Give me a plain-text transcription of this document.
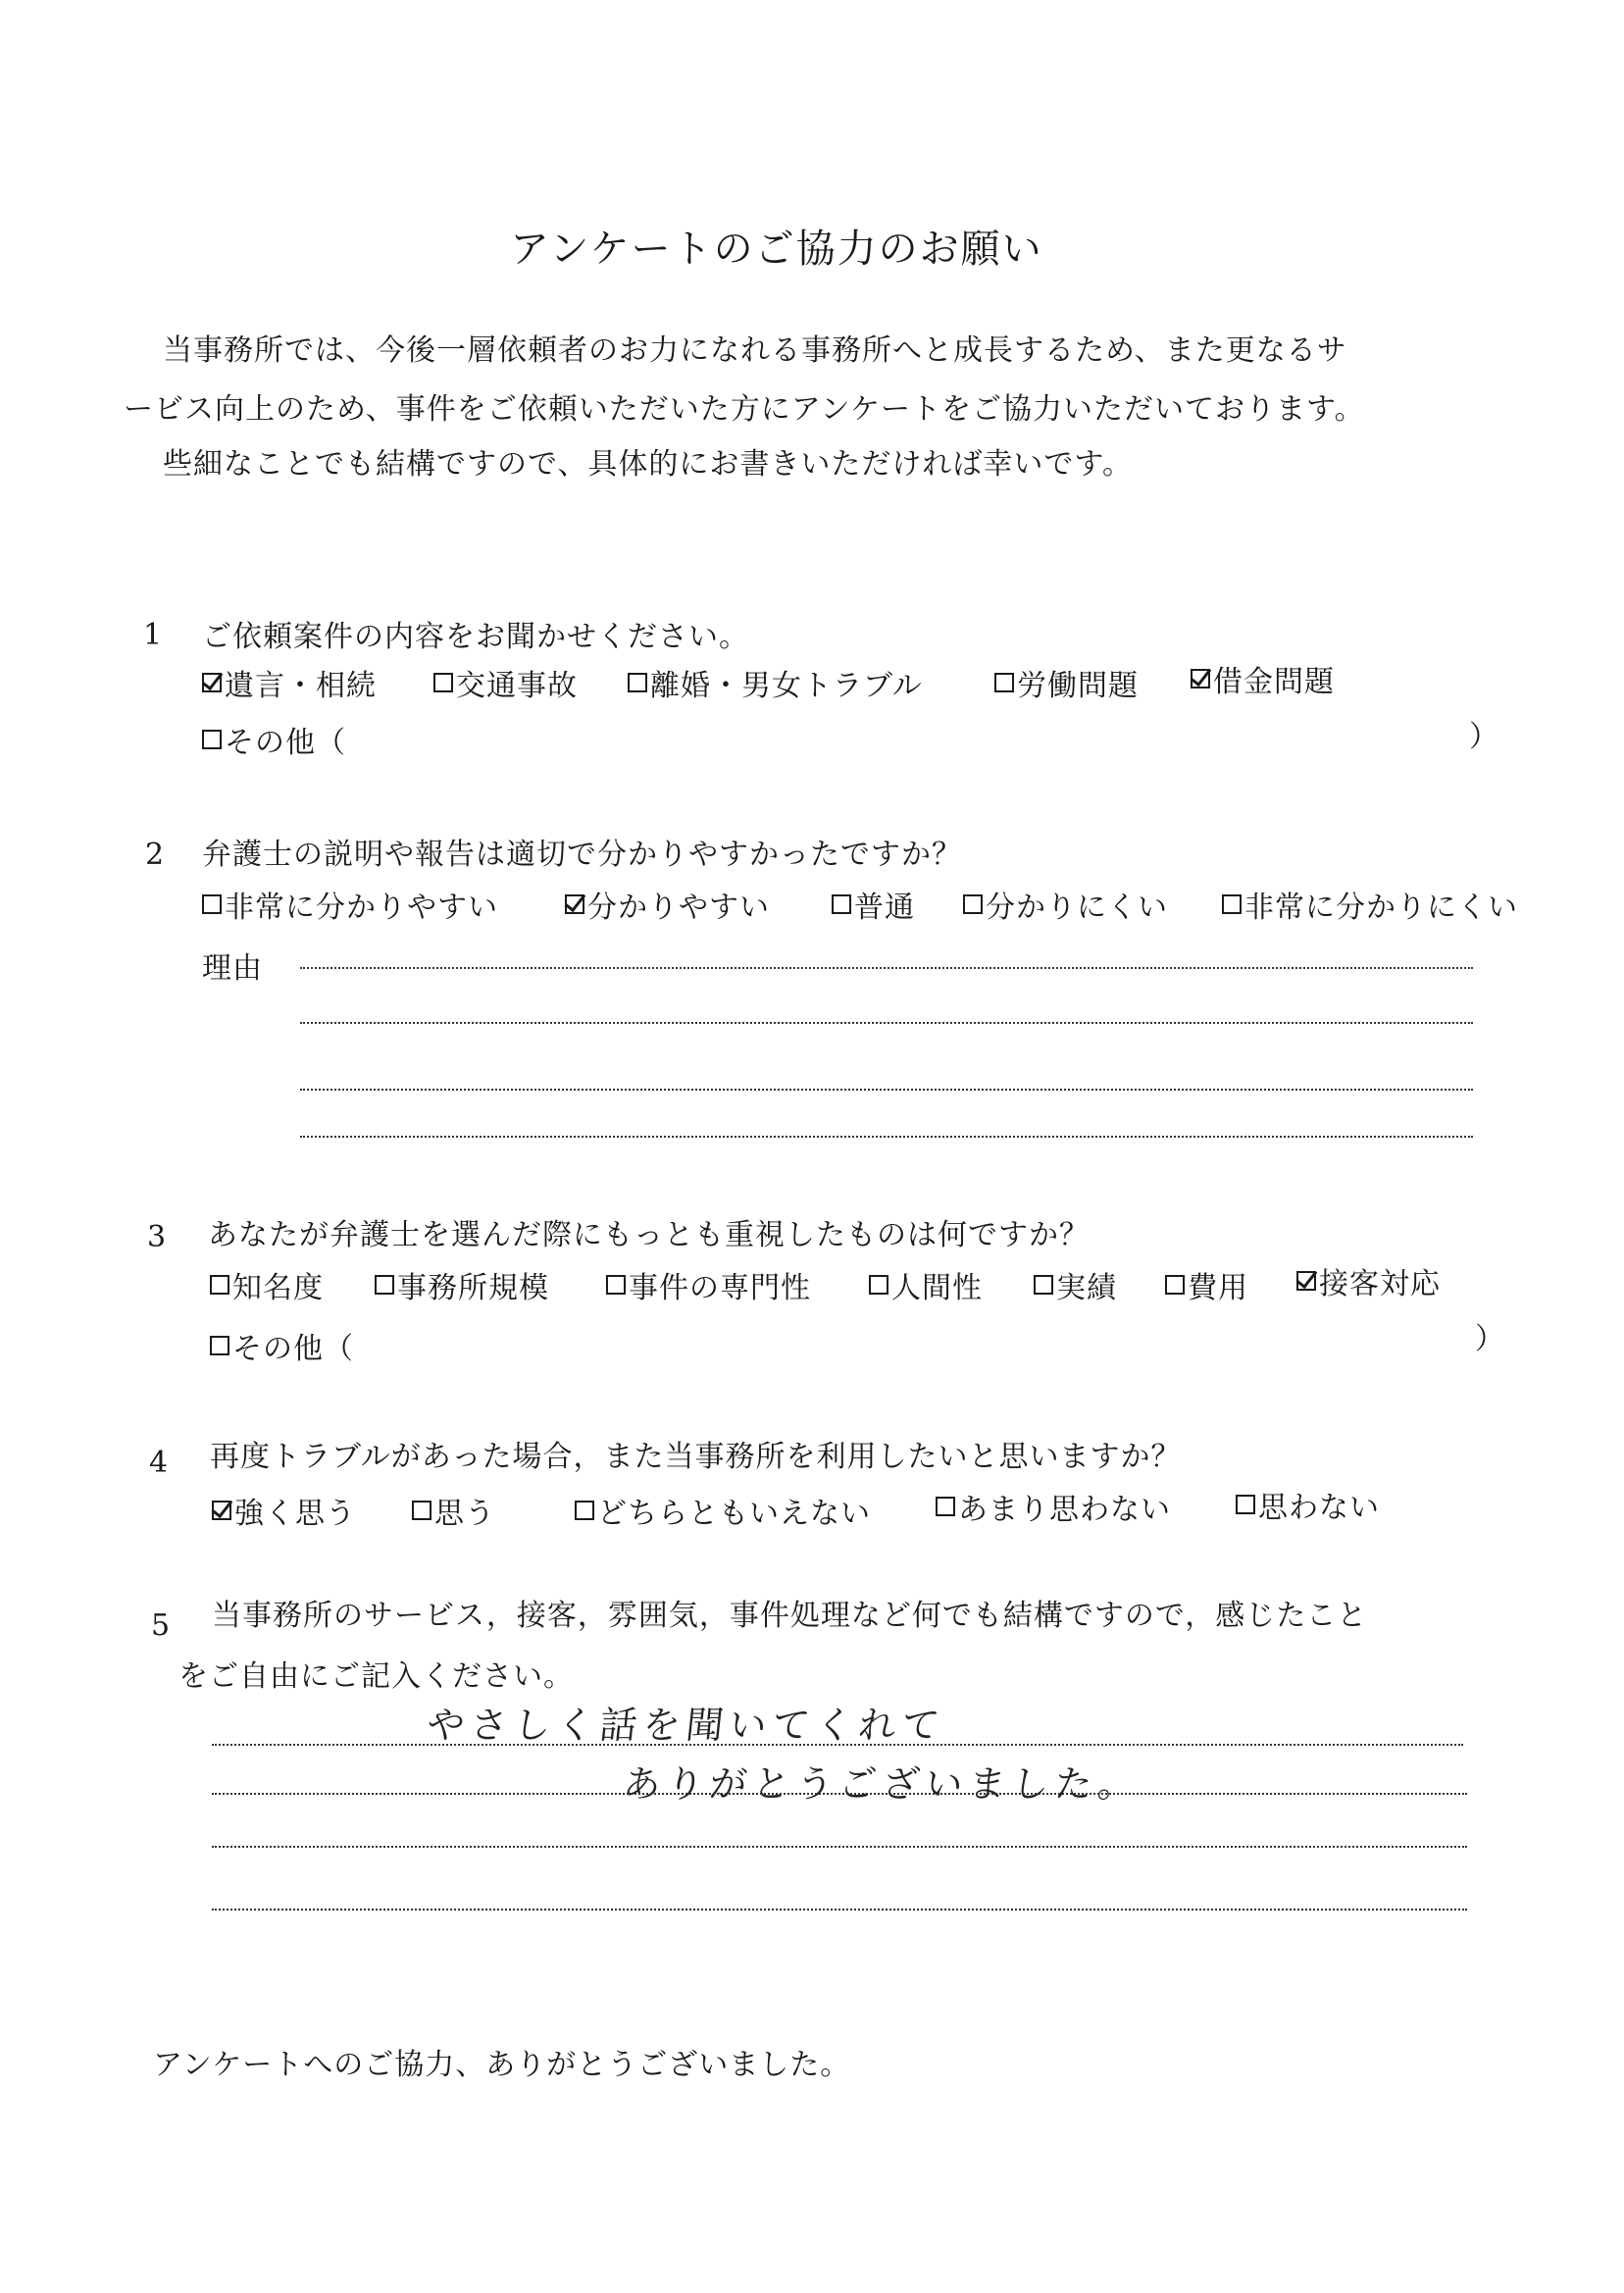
アンケートのご協力のお願い
当事務所では、今後一層依頼者のお力になれる事務所へと成長するため、また更なるサ
ービス向上のため、事件をご依頼いただいた方にアンケートをご協力いただいております。
些細なことでも結構ですので、具体的にお書きいただければ幸いです。
1 ご依頼案件の内容をお聞かせください。
遺言・相続	交通事故 離婚・男女トラブル	労働問題	借金問題
その他（	）
2 弁護士の説明や報告は適切で分かりやすかったですか？
非常に分かりやすい	分かりやすい	普通 分かりにくい	非常に分かりにくい
理由
3 あなたが弁護士を選んだ際にもっとも重視したものは何ですか？
知名度	事務所規模	事件の専門性	人間性	実績 費用 接客対応
その他（	）
4 再度トラブルがあった場合，また当事務所を利用したいと思いますか？
強く思う	思う	どちらともいえない	あまり思わない	思わない
5 当事務所のサービス，接客，雰囲気，事件処理など何でも結構ですので，感じたこと
をご自由にご記入ください。
やさしく話を聞いてくれて
ありがとうございました。
アンケートへのご協力、ありがとうございました。
